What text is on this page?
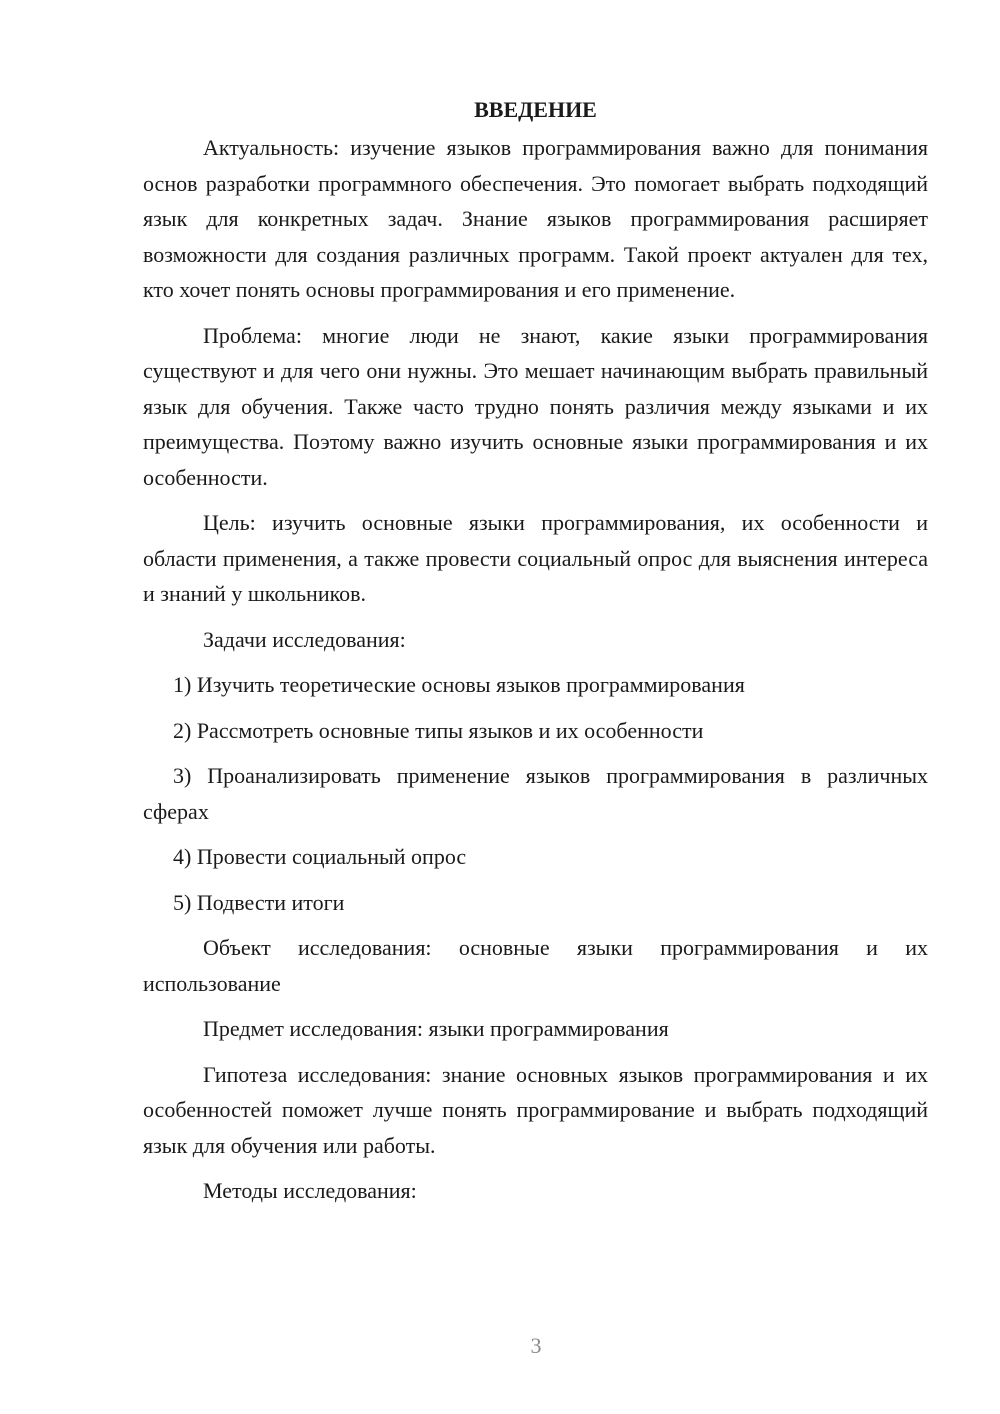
ВВЕДЕНИЕ

Актуальность: изучение языков программирования важно для понимания основ разработки программного обеспечения. Это помогает выбрать подходящий язык для конкретных задач. Знание языков программирования расширяет возможности для создания различных программ. Такой проект актуален для тех, кто хочет понять основы программирования и его применение.

Проблема: многие люди не знают, какие языки программирования существуют и для чего они нужны. Это мешает начинающим выбрать правильный язык для обучения. Также часто трудно понять различия между языками и их преимущества. Поэтому важно изучить основные языки программирования и их особенности.

Цель: изучить основные языки программирования, их особенности и области применения, а также провести социальный опрос для выяснения интереса и знаний у школьников.

Задачи исследования:

1) Изучить теоретические основы языков программирования

2) Рассмотреть основные типы языков и их особенности

3) Проанализировать применение языков программирования в различных сферах

4) Провести социальный опрос

5) Подвести итоги

Объект исследования: основные языки программирования и их использование

Предмет исследования: языки программирования

Гипотеза исследования: знание основных языков программирования и их особенностей поможет лучше понять программирование и выбрать подходящий язык для обучения или работы.

Методы исследования:

3
